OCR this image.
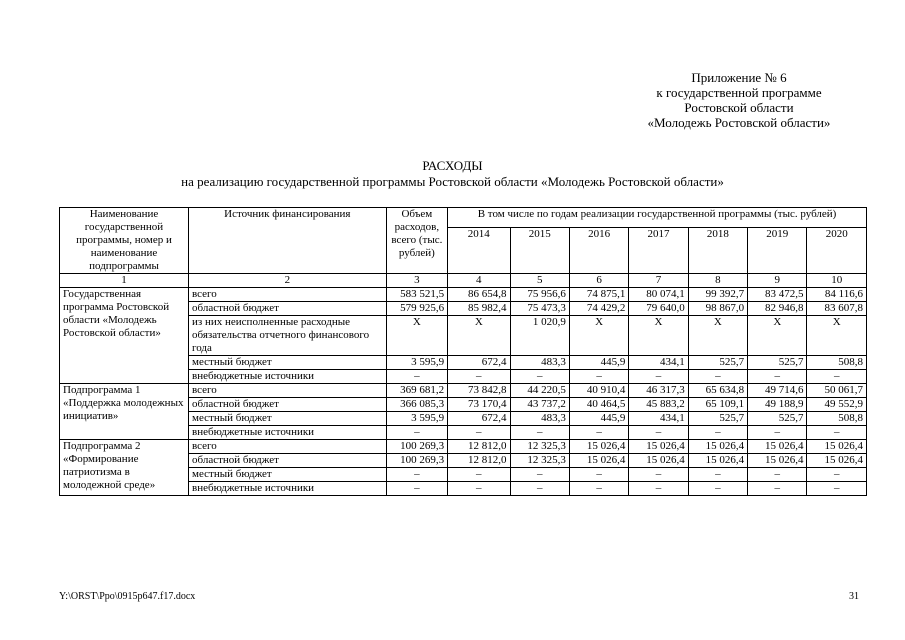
Приложение № 6
к государственной программе
Ростовской области
«Молодежь Ростовской области»
РАСХОДЫ
на реализацию государственной программы Ростовской области «Молодежь Ростовской области»
Наименование государственной программы, номер и наименование подпрограммы	Источник финансирования	Объем расходов, всего (тыс. рублей)	В том числе по годам реализации государственной программы (тыс. рублей)						
			2014	2015	2016	2017	2018	2019	2020
1	2	3	4	5	6	7	8	9	10
Государственная программа Ростовской области «Молодежь Ростовской области»	всего	583 521,5	86 654,8	75 956,6	74 875,1	80 074,1	99 392,7	83 472,5	84 116,6
	областной бюджет	579 925,6	85 982,4	75 473,3	74 429,2	79 640,0	98 867,0	82 946,8	83 607,8
	из них неисполненные расходные обязательства отчетного финансового года	Х	Х	1 020,9	Х	Х	Х	Х	Х
	местный бюджет	3 595,9	672,4	483,3	445,9	434,1	525,7	525,7	508,8
	внебюджетные источники	–	–	–	–	–	–	–	–
Подпрограмма 1 «Поддержка молодежных инициатив»	всего	369 681,2	73 842,8	44 220,5	40 910,4	46 317,3	65 634,8	49 714,6	50 061,7
	областной бюджет	366 085,3	73 170,4	43 737,2	40 464,5	45 883,2	65 109,1	49 188,9	49 552,9
	местный бюджет	3 595,9	672,4	483,3	445,9	434,1	525,7	525,7	508,8
	внебюджетные источники	–	–	–	–	–	–	–	–
Подпрограмма 2 «Формирование патриотизма в молодежной среде»	всего	100 269,3	12 812,0	12 325,3	15 026,4	15 026,4	15 026,4	15 026,4	15 026,4
	областной бюджет	100 269,3	12 812,0	12 325,3	15 026,4	15 026,4	15 026,4	15 026,4	15 026,4
	местный бюджет	–	–	–	–	–	–	–	–
	внебюджетные источники	–	–	–	–	–	–	–	–
Y:\ORST\Ppo\0915p647.f17.docx	31
